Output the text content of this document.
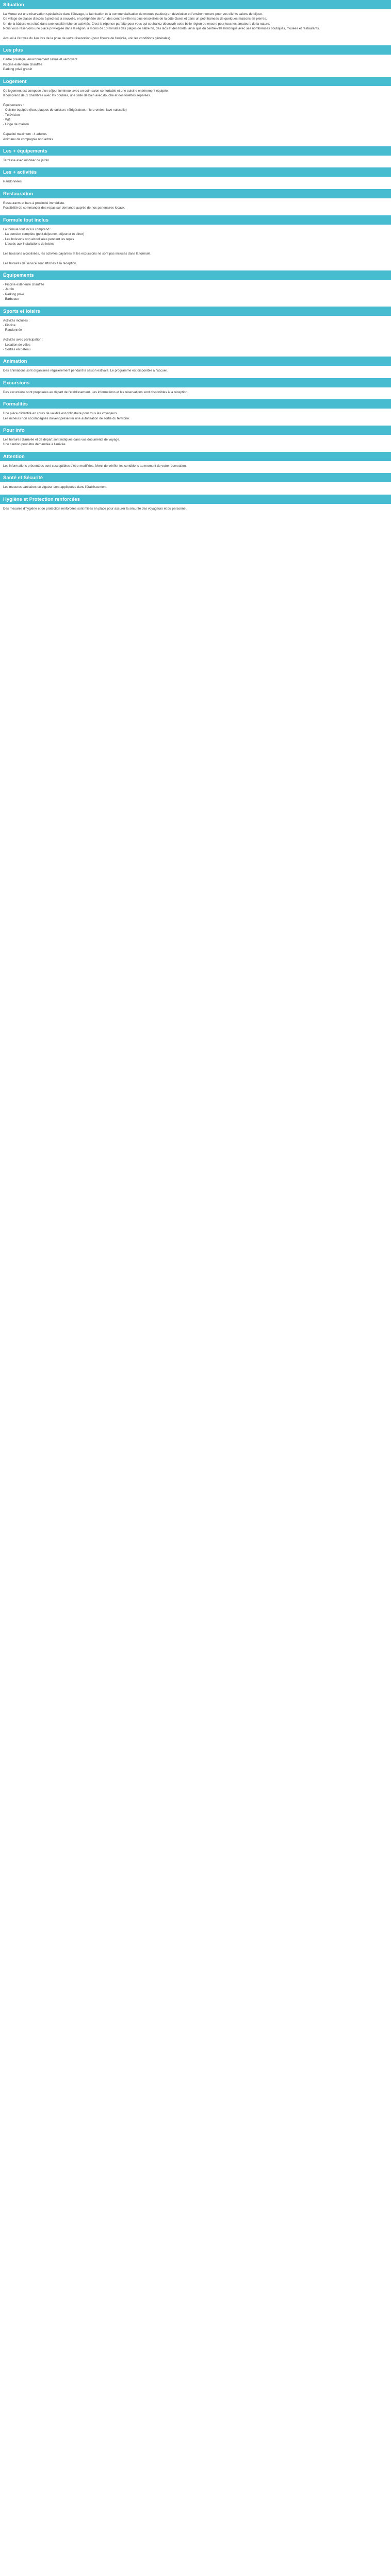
Situation

La Morue est une réservation spécialisée dans l'élevage, la fabrication et la commercialisation de morues (salées) en dévolution et l'environnement pour vos clients salons de bijoux.

Ce village de classe d'accès à pied est la nouvelle, en périphérie de l'un des centres-ville les plus ensoleillés de la côte Ouest et dans un petit hameau de quelques maisons en pierres.

Un de la bâtisse est situé dans une localité riche en activités. C'est la réponse parfaite pour vous qui souhaitez découvrir cette belle région ou encore pour tous les amateurs de la nature.

Nous vous réservons une place privilégiée dans la région, à moins de 10 minutes des plages de sable fin, des lacs et des forêts, ainsi que du centre-ville historique avec ses nombreuses boutiques, musées et restaurants.

Accueil à l'arrivée du lieu lors de la prise de votre réservation (pour l'heure de l'arrivée, voir les conditions générales).

Les plus

Cadre privilégié, environnement calme et verdoyant

Piscine extérieure chauffée

Parking privé gratuit

Logement

Ce logement est composé d'un séjour lumineux avec un coin salon confortable et une cuisine entièrement équipée.

Il comprend deux chambres avec lits doubles, une salle de bain avec douche et des toilettes séparées.

Équipements :

- Cuisine équipée (four, plaques de cuisson, réfrigérateur, micro-ondes, lave-vaisselle)

- Télévision

- Wifi

- Linge de maison

Capacité maximum : 4 adultes

Animaux de compagnie non admis

Les + équipements

Terrasse avec mobilier de jardin

Les + activités

Randonnées

Restauration

Restaurants et bars à proximité immédiate.

Possibilité de commander des repas sur demande auprès de nos partenaires locaux.

Formule tout inclus

La formule tout inclus comprend :

- La pension complète (petit-déjeuner, déjeuner et dîner)

- Les boissons non alcoolisées pendant les repas

- L'accès aux installations de loisirs

Les boissons alcoolisées, les activités payantes et les excursions ne sont pas incluses dans la formule.

Les horaires de service sont affichés à la réception.

Équipements

- Piscine extérieure chauffée

- Jardin

- Parking privé

- Barbecue

Sports et loisirs

Activités incluses :

- Piscine

- Randonnée

Activités avec participation :

- Location de vélos

- Sorties en bateau

Animation

Des animations sont organisées régulièrement pendant la saison estivale. Le programme est disponible à l'accueil.

Excursions

Des excursions sont proposées au départ de l'établissement. Les informations et les réservations sont disponibles à la réception.

Formalités

Une pièce d'identité en cours de validité est obligatoire pour tous les voyageurs.

Les mineurs non accompagnés doivent présenter une autorisation de sortie du territoire.

Pour info

Les horaires d'arrivée et de départ sont indiqués dans vos documents de voyage.

Une caution peut être demandée à l'arrivée.

Attention

Les informations présentées sont susceptibles d'être modifiées. Merci de vérifier les conditions au moment de votre réservation.

Santé et Sécurité

Les mesures sanitaires en vigueur sont appliquées dans l'établissement.

Hygiène et Protection renforcées

Des mesures d'hygiène et de protection renforcées sont mises en place pour assurer la sécurité des voyageurs et du personnel.
